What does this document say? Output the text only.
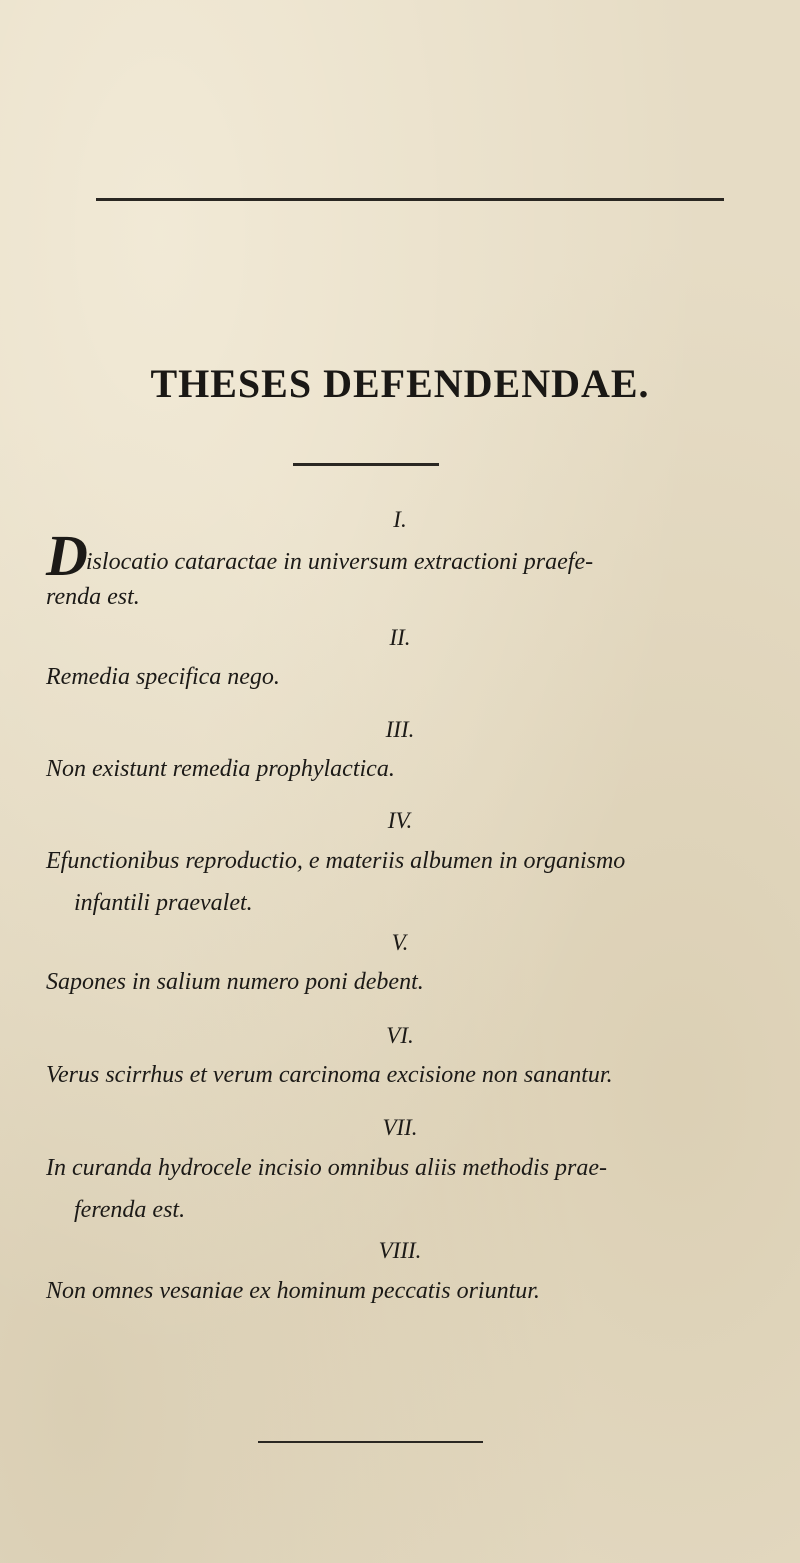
THESES DEFENDENDAE.
I.
Dislocatio cataractae in universum extractioni praefe-
renda est.
II.
Remedia specifica nego.
III.
Non existunt remedia prophylactica.
IV.
Efunctionibus reproductio, e materiis albumen in organismo
infantili praevalet.
V.
Sapones in salium numero poni debent.
VI.
Verus scirrhus et verum carcinoma excisione non sanantur.
VII.
In curanda hydrocele incisio omnibus aliis methodis prae-
ferenda est.
VIII.
Non omnes vesaniae ex hominum peccatis oriuntur.
